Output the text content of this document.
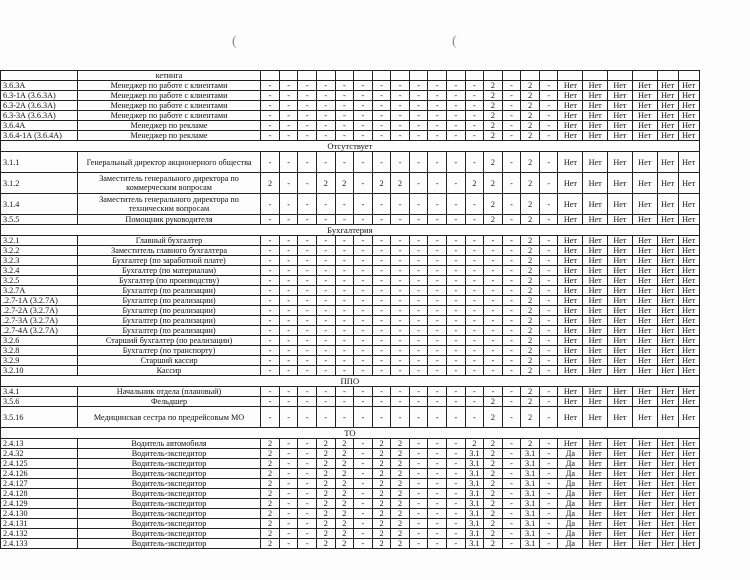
(	(
	кетинга																						
3.6.3А	Менеджер по работе с клиентами	-	-	-	-	-	-	-	-	-	-	-	-	2	-	2	-	Нет	Нет	Нет	Нет	Нет	Нет
6.3-1А (3.6.3А)	Менеджер по работе с клиентами	-	-	-	-	-	-	-	-	-	-	-	-	2	-	2	-	Нет	Нет	Нет	Нет	Нет	Нет
6.3-2А (3.6.3А)	Менеджер по работе с клиентами	-	-	-	-	-	-	-	-	-	-	-	-	2	-	2	-	Нет	Нет	Нет	Нет	Нет	Нет
6.3-3А (3.6.3А)	Менеджер по работе с клиентами	-	-	-	-	-	-	-	-	-	-	-	-	2	-	2	-	Нет	Нет	Нет	Нет	Нет	Нет
3.6.4А	Менеджер по рекламе	-	-	-	-	-	-	-	-	-	-	-	-	2	-	2	-	Нет	Нет	Нет	Нет	Нет	Нет
3.6.4-1А (3.6.4А)	Менеджер по рекламе	-	-	-	-	-	-	-	-	-	-	-	-	2	-	2	-	Нет	Нет	Нет	Нет	Нет	Нет
Отсутствует																							
3.1.1	Генеральный директор акционерного общества	-	-	-	-	-	-	-	-	-	-	-	-	2	-	2	-	Нет	Нет	Нет	Нет	Нет	Нет
3.1.2	Заместитель генерального директора по коммерческим вопросам	2	-	-	2	2	-	2	2	-	-	-	2	2	-	2	-	Нет	Нет	Нет	Нет	Нет	Нет
3.1.4	Заместитель генерального директора по техническим вопросам	-	-	-	-	-	-	-	-	-	-	-	-	2	-	2	-	Нет	Нет	Нет	Нет	Нет	Нет
3.5.5	Помощник руководителя	-	-	-	-	-	-	-	-	-	-	-	-	2	-	2	-	Нет	Нет	Нет	Нет	Нет	Нет
Бухгалтерия																							
3.2.1	Главный бухгалтер	-	-	-	-	-	-	-	-	-	-	-	-	-	-	2	-	Нет	Нет	Нет	Нет	Нет	Нет
3.2.2	Заместитель главного бухгалтера	-	-	-	-	-	-	-	-	-	-	-	-	-	-	2	-	Нет	Нет	Нет	Нет	Нет	Нет
3.2.3	Бухгалтер (по заработной плате)	-	-	-	-	-	-	-	-	-	-	-	-	-	-	2	-	Нет	Нет	Нет	Нет	Нет	Нет
3.2.4	Бухгалтер (по материалам)	-	-	-	-	-	-	-	-	-	-	-	-	-	-	2	-	Нет	Нет	Нет	Нет	Нет	Нет
3.2.5	Бухгалтер (по производству)	-	-	-	-	-	-	-	-	-	-	-	-	-	-	2	-	Нет	Нет	Нет	Нет	Нет	Нет
3.2.7А	Бухгалтер (по реализации)	-	-	-	-	-	-	-	-	-	-	-	-	-	-	2	-	Нет	Нет	Нет	Нет	Нет	Нет
.2.7-1А (3.2.7А)	Бухгалтер (по реализации)	-	-	-	-	-	-	-	-	-	-	-	-	-	-	2	-	Нет	Нет	Нет	Нет	Нет	Нет
.2.7-2А (3.2.7А)	Бухгалтер (по реализации)	-	-	-	-	-	-	-	-	-	-	-	-	-	-	2	-	Нет	Нет	Нет	Нет	Нет	Нет
.2.7-3А (3.2.7А)	Бухгалтер (по реализации)	-	-	-	-	-	-	-	-	-	-	-	-	-	-	2	-	Нет	Нет	Нет	Нет	Нет	Нет
.2.7-4А (3.2.7А)	Бухгалтер (по реализации)	-	-	-	-	-	-	-	-	-	-	-	-	-	-	2	-	Нет	Нет	Нет	Нет	Нет	Нет
3.2.6	Старший бухгалтер (по реализации)	-	-	-	-	-	-	-	-	-	-	-	-	-	-	2	-	Нет	Нет	Нет	Нет	Нет	Нет
3.2.8	Бухгалтер (по транспорту)	-	-	-	-	-	-	-	-	-	-	-	-	-	-	2	-	Нет	Нет	Нет	Нет	Нет	Нет
3.2.9	Старший кассир	-	-	-	-	-	-	-	-	-	-	-	-	-	-	2	-	Нет	Нет	Нет	Нет	Нет	Нет
3.2.10	Кассир	-	-	-	-	-	-	-	-	-	-	-	-	-	-	2	-	Нет	Нет	Нет	Нет	Нет	Нет
ППО																							
3.4.1	Начальник отдела (плановый)	-	-	-	-	-	-	-	-	-	-	-	-	-	-	2	-	Нет	Нет	Нет	Нет	Нет	Нет
3.5.6	Фельдшер	-	-	-	-	-	-	-	-	-	-	-	-	2	-	2	-	Нет	Нет	Нет	Нет	Нет	Нет
3.5.16	Медицинская сестра по предрейсовым МО	-	-	-	-	-	-	-	-	-	-	-	-	2	-	2	-	Нет	Нет	Нет	Нет	Нет	Нет
ТО																							
2.4.13	Водитель автомобиля	2	-	-	2	2	-	2	2	-	-	-	2	2	-	2	-	Нет	Нет	Нет	Нет	Нет	Нет
2.4.32	Водитель-экспедитор	2	-	-	2	2	-	2	2	-	-	-	3.1	2	-	3.1	-	Да	Нет	Нет	Нет	Нет	Нет
2.4.125	Водитель-экспедитор	2	-	-	2	2	-	2	2	-	-	-	3.1	2	-	3.1	-	Да	Нет	Нет	Нет	Нет	Нет
2.4.126	Водитель-экспедитор	2	-	-	2	2	-	2	2	-	-	-	3.1	2	-	3.1	-	Да	Нет	Нет	Нет	Нет	Нет
2.4.127	Водитель-экспедитор	2	-	-	2	2	-	2	2	-	-	-	3.1	2	-	3.1	-	Да	Нет	Нет	Нет	Нет	Нет
2.4.128	Водитель-экспедитор	2	-	-	2	2	-	2	2	-	-	-	3.1	2	-	3.1	-	Да	Нет	Нет	Нет	Нет	Нет
2.4.129	Водитель-экспедитор	2	-	-	2	2	-	2	2	-	-	-	3.1	2	-	3.1	-	Да	Нет	Нет	Нет	Нет	Нет
2.4.130	Водитель-экспедитор	2	-	-	2	2	-	2	2	-	-	-	3.1	2	-	3.1	-	Да	Нет	Нет	Нет	Нет	Нет
2.4.131	Водитель-экспедитор	2	-	-	2	2	-	2	2	-	-	-	3.1	2	-	3.1	-	Да	Нет	Нет	Нет	Нет	Нет
2.4.132	Водитель-экспедитор	2	-	-	2	2	-	2	2	-	-	-	3.1	2	-	3.1	-	Да	Нет	Нет	Нет	Нет	Нет
2.4.133	Водитель-экспедитор	2	-	-	2	2	-	2	2	-	-	-	3.1	2	-	3.1	-	Да	Нет	Нет	Нет	Нет	Нет
